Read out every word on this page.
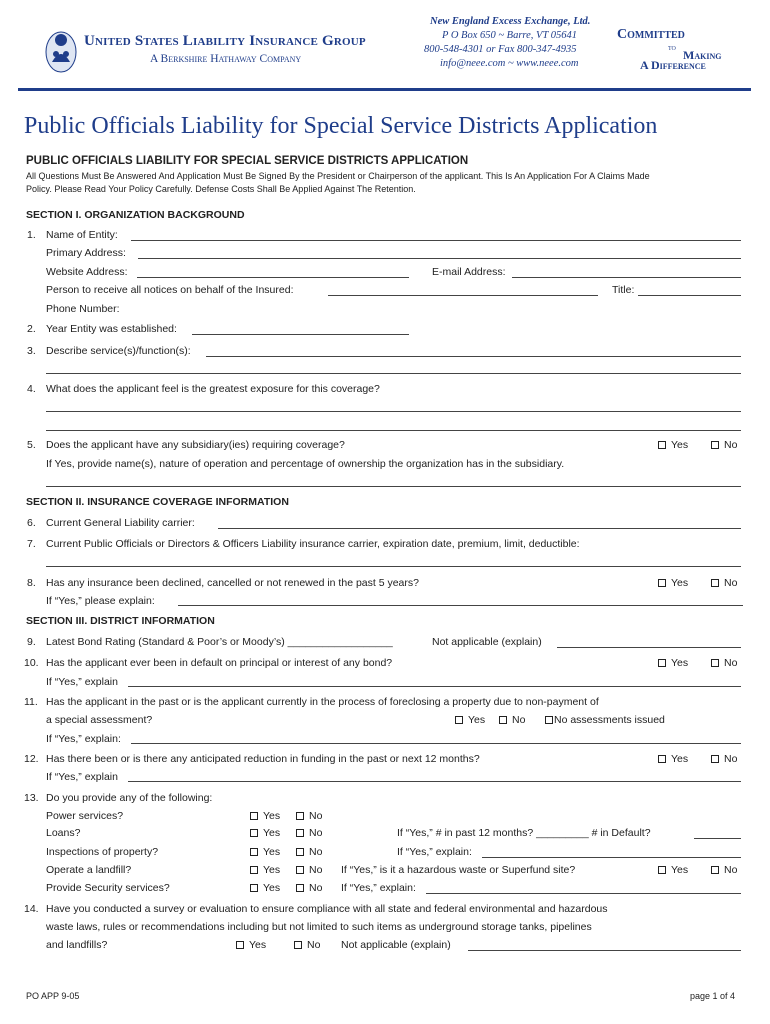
United States Liability Insurance Group
A Berkshire Hathaway Company
New England Excess Exchange, Ltd.
P O Box 650 ~ Barre, VT 05641
800-548-4301 or Fax 800-347-4935
info@neee.com ~ www.neee.com
Committed
to
Making
A Difference
Public Officials Liability for Special Service Districts Application
PUBLIC OFFICIALS LIABILITY FOR SPECIAL SERVICE DISTRICTS APPLICATION
All Questions Must Be Answered And Application Must Be Signed By the President or Chairperson of the applicant. This Is An Application For A Claims Made
Policy. Please Read Your Policy Carefully. Defense Costs Shall Be Applied Against The Retention.
SECTION I. ORGANIZATION BACKGROUND
1. Name of Entity:
Primary Address:
Website Address:	E-mail Address:
Person to receive all notices on behalf of the Insured:	Title:
Phone Number:
2. Year Entity was established:
3. Describe service(s)/function(s):
4. What does the applicant feel is the greatest exposure for this coverage?
5. Does the applicant have any subsidiary(ies) requiring coverage?	Yes	No
If Yes, provide name(s), nature of operation and percentage of ownership the organization has in the subsidiary.
SECTION II. INSURANCE COVERAGE INFORMATION
6. Current General Liability carrier:
7. Current Public Officials or Directors & Officers Liability insurance carrier, expiration date, premium, limit, deductible:
8. Has any insurance been declined, cancelled or not renewed in the past 5 years?	Yes	No
If “Yes,” please explain:
SECTION III. DISTRICT INFORMATION
9. Latest Bond Rating (Standard & Poor’s or Moody’s) __________________	Not applicable (explain)
10. Has the applicant ever been in default on principal or interest of any bond?	Yes	No
If “Yes,” explain
11. Has the applicant in the past or is the applicant currently in the process of foreclosing a property due to non-payment of
a special assessment?	Yes	No	No assessments issued
If “Yes,” explain:
12. Has there been or is there any anticipated reduction in funding in the past or next 12 months?	Yes	No
If “Yes,” explain
13. Do you provide any of the following:
Power services?	Yes	No
Loans?	Yes	No	If “Yes,” # in past 12 months? _________ # in Default?
Inspections of property?	Yes	No	If “Yes,” explain:
Operate a landfill?	Yes	No If “Yes,” is it a hazardous waste or Superfund site?	Yes	No
Provide Security services?	Yes	No If “Yes,” explain:
14. Have you conducted a survey or evaluation to ensure compliance with all state and federal environmental and hazardous
waste laws, rules or recommendations including but not limited to such items as underground storage tanks, pipelines
and landfills?	Yes	No Not applicable (explain)
PO APP 9-05	page 1 of 4
